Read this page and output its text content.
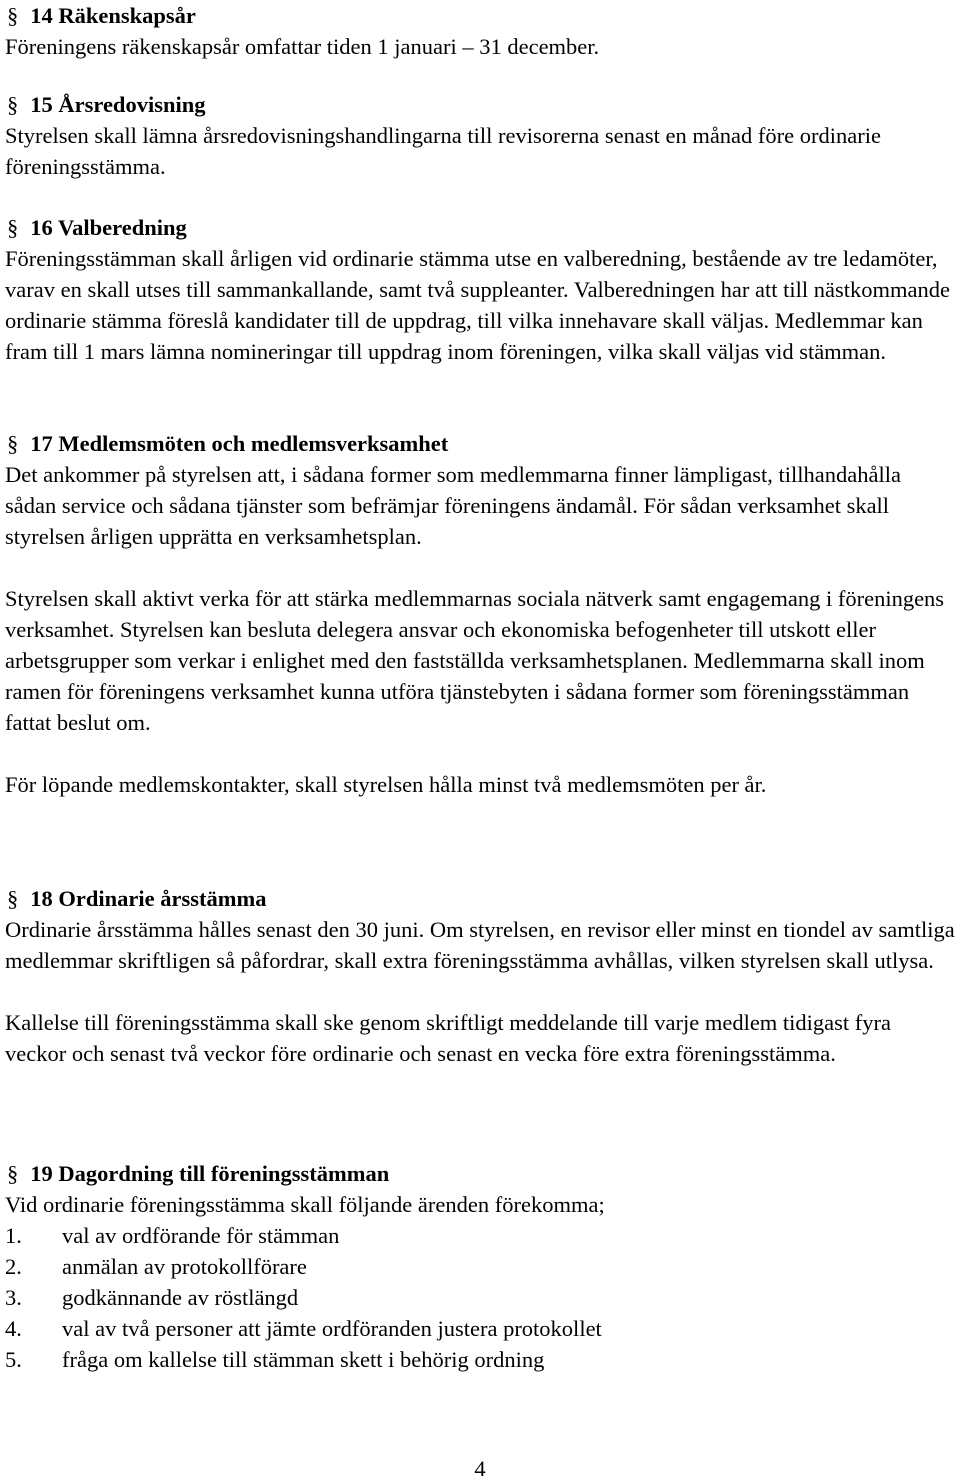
§ 14 Räkenskapsår

Föreningens räkenskapsår omfattar tiden 1 januari – 31 december.

§ 15 Årsredovisning

Styrelsen skall lämna årsredovisningshandlingarna till revisorerna senast en månad före ordinarie föreningsstämma.

§ 16 Valberedning

Föreningsstämman skall årligen vid ordinarie stämma utse en valberedning, bestående av tre ledamöter, varav en skall utses till sammankallande, samt två suppleanter. Valberedningen har att till nästkommande ordinarie stämma föreslå kandidater till de uppdrag, till vilka innehavare skall väljas. Medlemmar kan fram till 1 mars lämna nomineringar till uppdrag inom föreningen, vilka skall väljas vid stämman.

§ 17 Medlemsmöten och medlemsverksamhet

Det ankommer på styrelsen att, i sådana former som medlemmarna finner lämpligast, tillhandahålla sådan service och sådana tjänster som befrämjar föreningens ändamål. För sådan verksamhet skall styrelsen årligen upprätta en verksamhetsplan.

Styrelsen skall aktivt verka för att stärka medlemmarnas sociala nätverk samt engagemang i föreningens verksamhet. Styrelsen kan besluta delegera ansvar och ekonomiska befogenheter till utskott eller arbetsgrupper som verkar i enlighet med den fastställda verksamhetsplanen. Medlemmarna skall inom ramen för föreningens verksamhet kunna utföra tjänstebyten i sådana former som föreningsstämman fattat beslut om.

För löpande medlemskontakter, skall styrelsen hålla minst två medlemsmöten per år.

§ 18 Ordinarie årsstämma

Ordinarie årsstämma hålles senast den 30 juni. Om styrelsen, en revisor eller minst en tiondel av samtliga medlemmar skriftligen så påfordrar, skall extra föreningsstämma avhållas, vilken styrelsen skall utlysa.

Kallelse till föreningsstämma skall ske genom skriftligt meddelande till varje medlem tidigast fyra veckor och senast två veckor före ordinarie och senast en vecka före extra föreningsstämma.

§ 19 Dagordning till föreningsstämman

Vid ordinarie föreningsstämma skall följande ärenden förekomma;

1.	val av ordförande för stämman
2.	anmälan av protokollförare
3.	godkännande av röstlängd
4.	val av två personer att jämte ordföranden justera protokollet
5.	fråga om kallelse till stämman skett i behörig ordning
4
